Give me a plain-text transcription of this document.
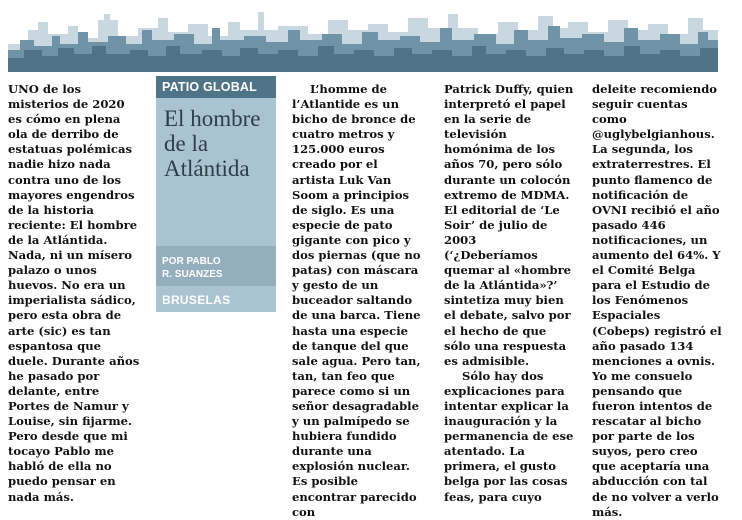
UNO de los misterios de 2020 es cómo en plena ola de derribo de estatuas polémicas nadie hizo nada contra uno de los mayores engendros de la historia reciente: El hombre de la Atlántida. Nada, ni un mísero palazo o unos huevos. No era un imperialista sádico, pero esta obra de arte (sic) es tan espantosa que duele. Durante años he pasado por delante, entre Portes de Namur y Louise, sin fijarme. Pero desde que mi tocayo Pablo me habló de ella no puedo pensar en nada más.

PATIO GLOBAL
El hombre de la Atlántida
POR PABLO
R. SUANZES
BRUSELAS

L’homme de l’Atlantide es un bicho de bronce de cuatro metros y 125.000 euros creado por el artista Luk Van Soom a principios de siglo. Es una especie de pato gigante con pico y dos piernas (que no patas) con máscara y gesto de un buceador saltando de una barca. Tiene hasta una especie de tanque del que sale agua. Pero tan, tan, tan feo que parece como si un señor desagradable y un palmípedo se hubiera fundido durante una explosión nuclear. Es posible encontrar parecido con

Patrick Duffy, quien interpretó el papel en la serie de televisión homónima de los años 70, pero sólo durante un colocón extremo de MDMA. El editorial de ‘Le Soir’ de julio de 2003 (‘¿Deberíamos quemar al «hombre de la Atlántida»?’ sintetiza muy bien el debate, salvo por el hecho de que sólo una respuesta es admisible.

Sólo hay dos explicaciones para intentar explicar la inauguración y la permanencia de ese atentado. La primera, el gusto belga por las cosas feas, para cuyo

deleite recomiendo seguir cuentas como @uglybelgianhous. La segunda, los extraterrestres. El punto flamenco de notificación de OVNI recibió el año pasado 446 notificaciones, un aumento del 64%. Y el Comité Belga para el Estudio de los Fenómenos Espaciales (Cobeps) registró el año pasado 134 menciones a ovnis. Yo me consuelo pensando que fueron intentos de rescatar al bicho por parte de los suyos, pero creo que aceptaría una abducción con tal de no volver a verlo más.
